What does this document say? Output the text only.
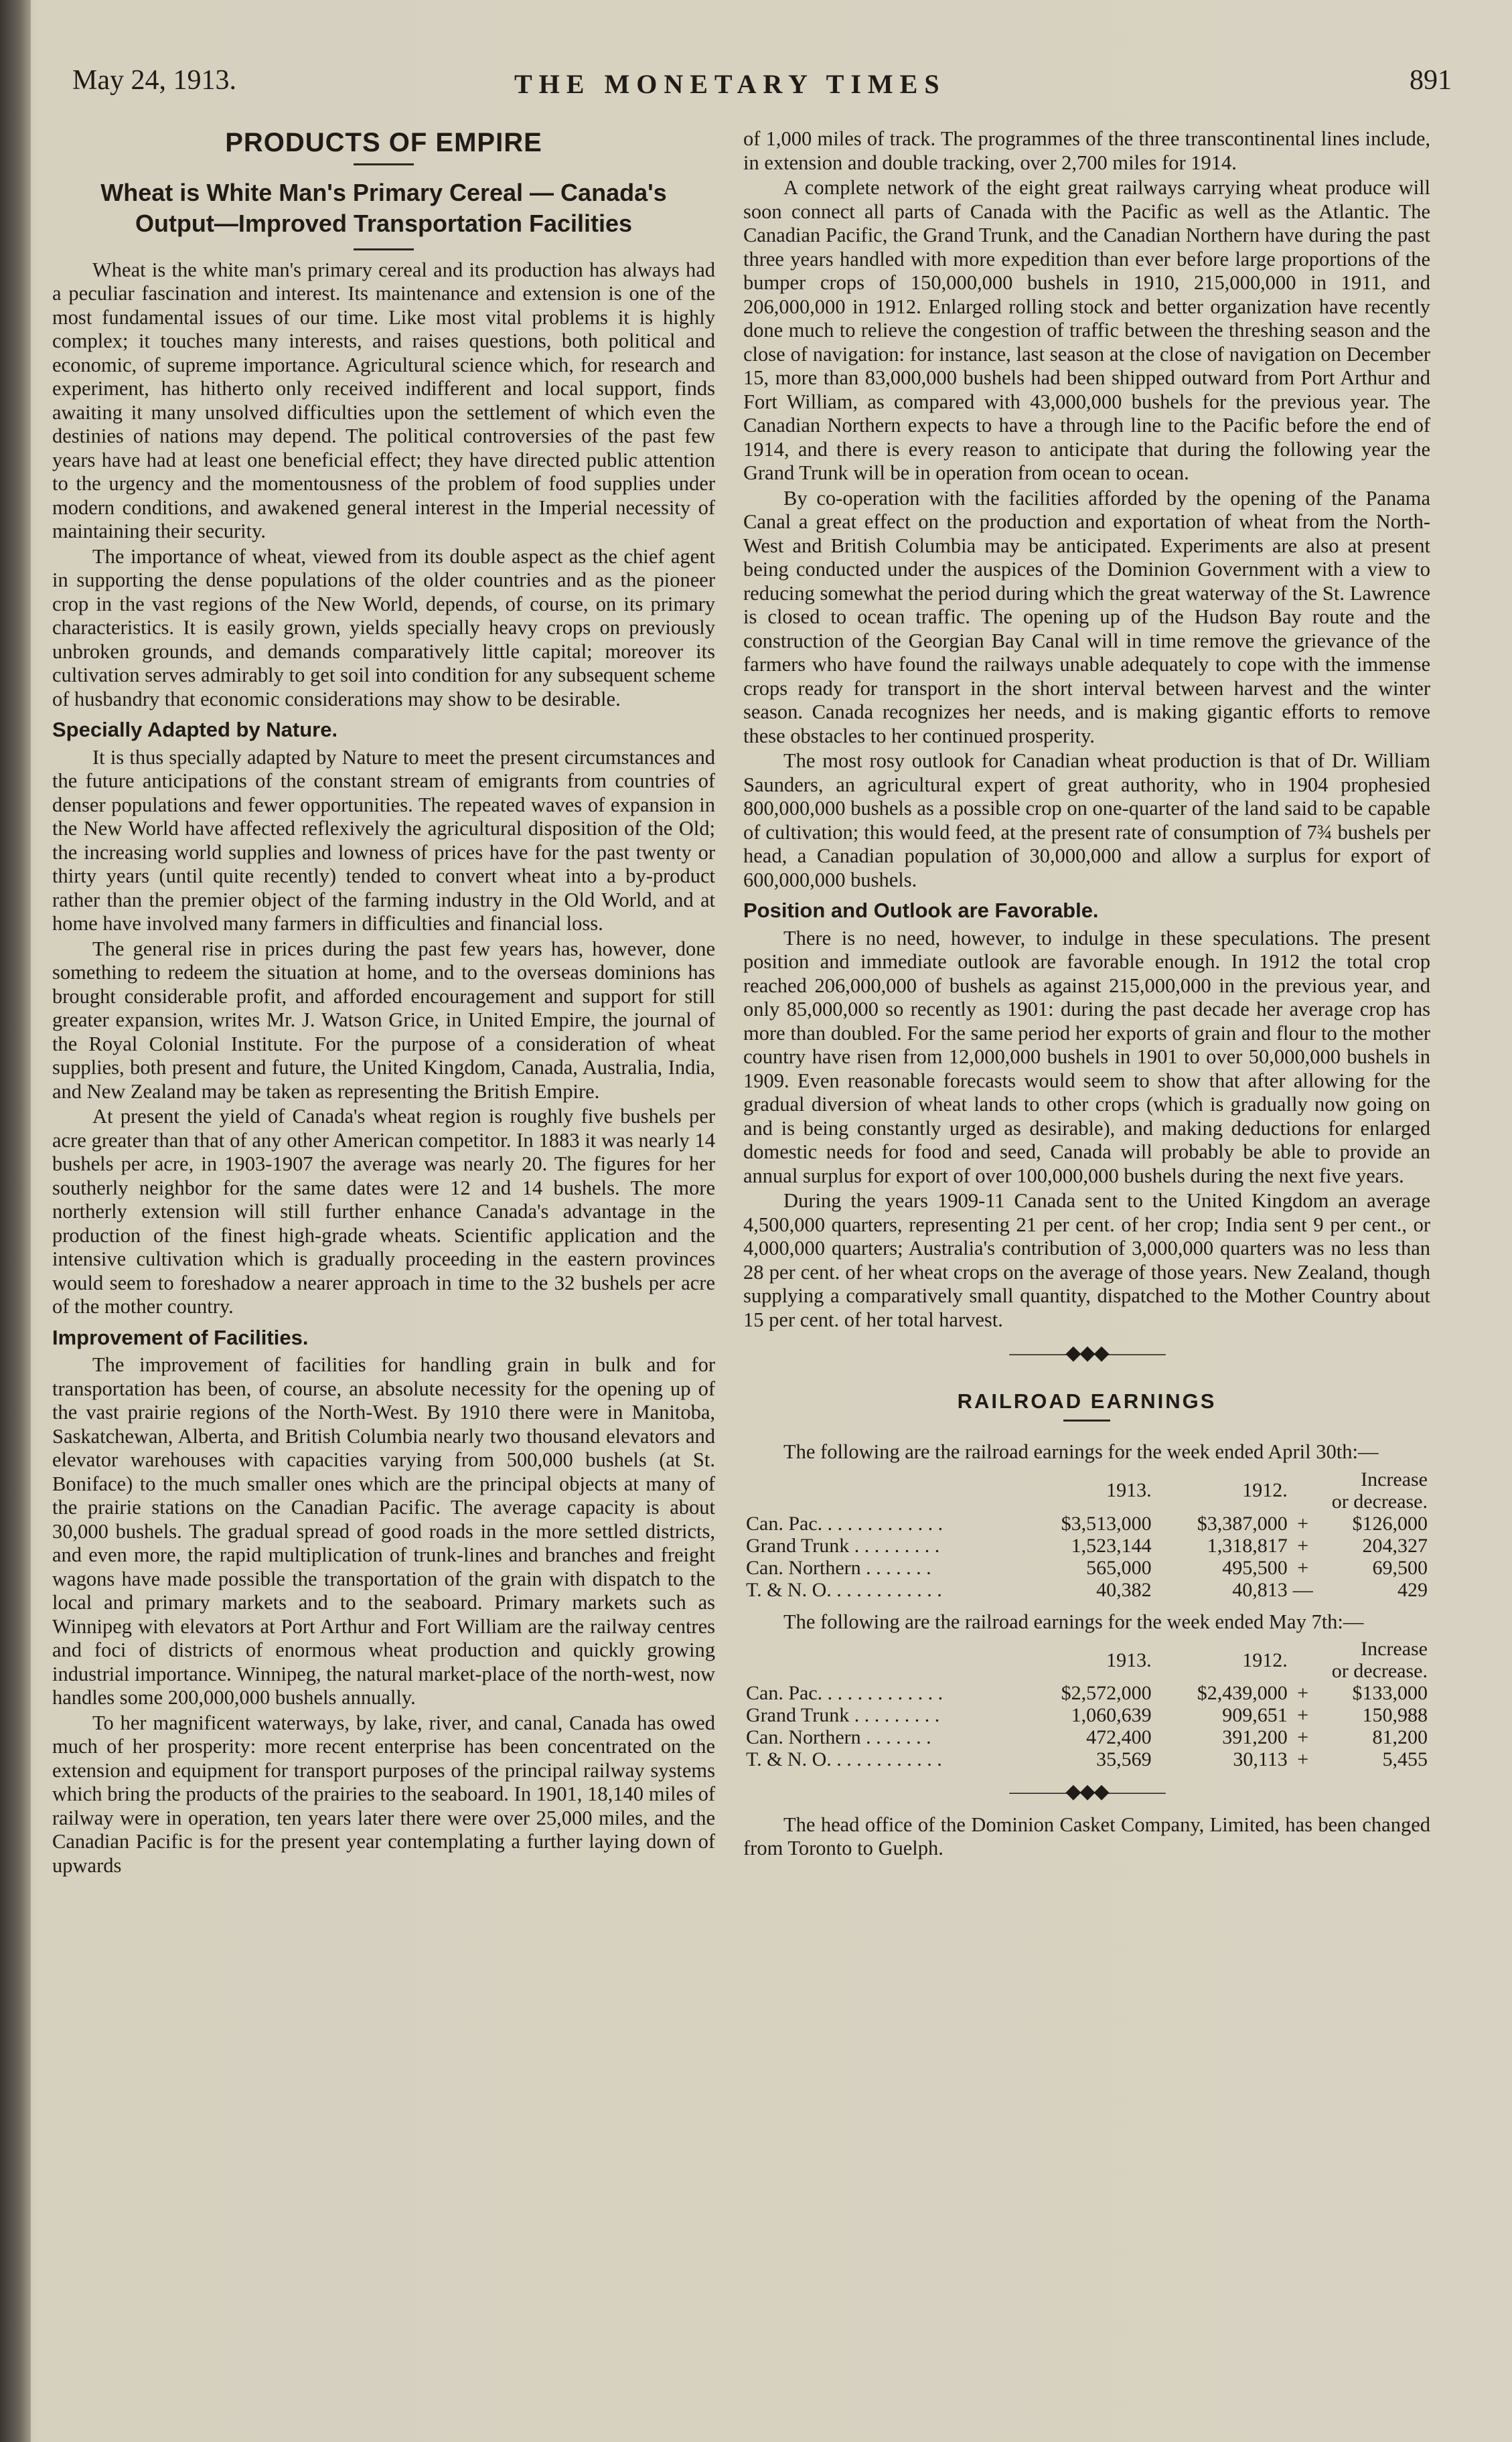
May 24, 1913.	THE MONETARY TIMES	891
PRODUCTS OF EMPIRE
Wheat is White Man's Primary Cereal — Canada's Output—Improved Transportation Facilities

Wheat is the white man's primary cereal and its production has always had a peculiar fascination and interest. Its maintenance and extension is one of the most fundamental issues of our time. Like most vital problems it is highly complex; it touches many interests, and raises questions, both political and economic, of supreme importance. Agricultural science which, for research and experiment, has hitherto only received indifferent and local support, finds awaiting it many unsolved difficulties upon the settlement of which even the destinies of nations may depend. The political controversies of the past few years have had at least one beneficial effect; they have directed public attention to the urgency and the momentousness of the problem of food supplies under modern conditions, and awakened general interest in the Imperial necessity of maintaining their security.

The importance of wheat, viewed from its double aspect as the chief agent in supporting the dense populations of the older countries and as the pioneer crop in the vast regions of the New World, depends, of course, on its primary characteristics. It is easily grown, yields specially heavy crops on previously unbroken grounds, and demands comparatively little capital; moreover its cultivation serves admirably to get soil into condition for any subsequent scheme of husbandry that economic considerations may show to be desirable.

Specially Adapted by Nature.

It is thus specially adapted by Nature to meet the present circumstances and the future anticipations of the constant stream of emigrants from countries of denser populations and fewer opportunities. The repeated waves of expansion in the New World have affected reflexively the agricultural disposition of the Old; the increasing world supplies and lowness of prices have for the past twenty or thirty years (until quite recently) tended to convert wheat into a by-product rather than the premier object of the farming industry in the Old World, and at home have involved many farmers in difficulties and financial loss.

The general rise in prices during the past few years has, however, done something to redeem the situation at home, and to the overseas dominions has brought considerable profit, and afforded encouragement and support for still greater expansion, writes Mr. J. Watson Grice, in United Empire, the journal of the Royal Colonial Institute. For the purpose of a consideration of wheat supplies, both present and future, the United Kingdom, Canada, Australia, India, and New Zealand may be taken as representing the British Empire.

At present the yield of Canada's wheat region is roughly five bushels per acre greater than that of any other American competitor. In 1883 it was nearly 14 bushels per acre, in 1903-1907 the average was nearly 20. The figures for her southerly neighbor for the same dates were 12 and 14 bushels. The more northerly extension will still further enhance Canada's advantage in the production of the finest high-grade wheats. Scientific application and the intensive cultivation which is gradually proceeding in the eastern provinces would seem to foreshadow a nearer approach in time to the 32 bushels per acre of the mother country.

Improvement of Facilities.

The improvement of facilities for handling grain in bulk and for transportation has been, of course, an absolute necessity for the opening up of the vast prairie regions of the North-West. By 1910 there were in Manitoba, Saskatchewan, Alberta, and British Columbia nearly two thousand elevators and elevator warehouses with capacities varying from 500,000 bushels (at St. Boniface) to the much smaller ones which are the principal objects at many of the prairie stations on the Canadian Pacific. The average capacity is about 30,000 bushels. The gradual spread of good roads in the more settled districts, and even more, the rapid multiplication of trunk-lines and branches and freight wagons have made possible the transportation of the grain with dispatch to the local and primary markets and to the seaboard. Primary markets such as Winnipeg with elevators at Port Arthur and Fort William are the railway centres and foci of districts of enormous wheat production and quickly growing industrial importance. Winnipeg, the natural market-place of the north-west, now handles some 200,000,000 bushels annually.

To her magnificent waterways, by lake, river, and canal, Canada has owed much of her prosperity: more recent enterprise has been concentrated on the extension and equipment for transport purposes of the principal railway systems which bring the products of the prairies to the seaboard. In 1901, 18,140 miles of railway were in operation, ten years later there were over 25,000 miles, and the Canadian Pacific is for the present year contemplating a further laying down of upwards

of 1,000 miles of track. The programmes of the three transcontinental lines include, in extension and double tracking, over 2,700 miles for 1914.

A complete network of the eight great railways carrying wheat produce will soon connect all parts of Canada with the Pacific as well as the Atlantic. The Canadian Pacific, the Grand Trunk, and the Canadian Northern have during the past three years handled with more expedition than ever before large proportions of the bumper crops of 150,000,000 bushels in 1910, 215,000,000 in 1911, and 206,000,000 in 1912. Enlarged rolling stock and better organization have recently done much to relieve the congestion of traffic between the threshing season and the close of navigation: for instance, last season at the close of navigation on December 15, more than 83,000,000 bushels had been shipped outward from Port Arthur and Fort William, as compared with 43,000,000 bushels for the previous year. The Canadian Northern expects to have a through line to the Pacific before the end of 1914, and there is every reason to anticipate that during the following year the Grand Trunk will be in operation from ocean to ocean.

By co-operation with the facilities afforded by the opening of the Panama Canal a great effect on the production and exportation of wheat from the North-West and British Columbia may be anticipated. Experiments are also at present being conducted under the auspices of the Dominion Government with a view to reducing somewhat the period during which the great waterway of the St. Lawrence is closed to ocean traffic. The opening up of the Hudson Bay route and the construction of the Georgian Bay Canal will in time remove the grievance of the farmers who have found the railways unable adequately to cope with the immense crops ready for transport in the short interval between harvest and the winter season. Canada recognizes her needs, and is making gigantic efforts to remove these obstacles to her continued prosperity.

The most rosy outlook for Canadian wheat production is that of Dr. William Saunders, an agricultural expert of great authority, who in 1904 prophesied 800,000,000 bushels as a possible crop on one-quarter of the land said to be capable of cultivation; this would feed, at the present rate of consumption of 7¾ bushels per head, a Canadian population of 30,000,000 and allow a surplus for export of 600,000,000 bushels.

Position and Outlook are Favorable.

There is no need, however, to indulge in these speculations. The present position and immediate outlook are favorable enough. In 1912 the total crop reached 206,000,000 of bushels as against 215,000,000 in the previous year, and only 85,000,000 so recently as 1901: during the past decade her average crop has more than doubled. For the same period her exports of grain and flour to the mother country have risen from 12,000,000 bushels in 1901 to over 50,000,000 bushels in 1909. Even reasonable forecasts would seem to show that after allowing for the gradual diversion of wheat lands to other crops (which is gradually now going on and is being constantly urged as desirable), and making deductions for enlarged domestic needs for food and seed, Canada will probably be able to provide an annual surplus for export of over 100,000,000 bushels during the next five years.

During the years 1909-11 Canada sent to the United Kingdom an average 4,500,000 quarters, representing 21 per cent. of her crop; India sent 9 per cent., or 4,000,000 quarters; Australia's contribution of 3,000,000 quarters was no less than 28 per cent. of her wheat crops on the average of those years. New Zealand, though supplying a comparatively small quantity, dispatched to the Mother Country about 15 per cent. of her total harvest.

———◆◆◆———
RAILROAD EARNINGS

The following are the railroad earnings for the week ended April 30th:—

	1913.	1912.	Increase
or decrease.	
Can. Pac. . . . . . . . . . . . .	$3,513,000	$3,387,000	+	$126,000
Grand Trunk . . . . . . . . .	1,523,144	1,318,817	+	204,327
Can. Northern . . . . . . .	565,000	495,500	+	69,500
T. & N. O. . . . . . . . . . . .	40,382	40,813	—	429

The following are the railroad earnings for the week ended May 7th:—

	1913.	1912.	Increase
or decrease.	
Can. Pac. . . . . . . . . . . . .	$2,572,000	$2,439,000	+	$133,000
Grand Trunk . . . . . . . . .	1,060,639	909,651	+	150,988
Can. Northern . . . . . . .	472,400	391,200	+	81,200
T. & N. O. . . . . . . . . . . .	35,569	30,113	+	5,455
———◆◆◆———

The head office of the Dominion Casket Company, Limited, has been changed from Toronto to Guelph.
